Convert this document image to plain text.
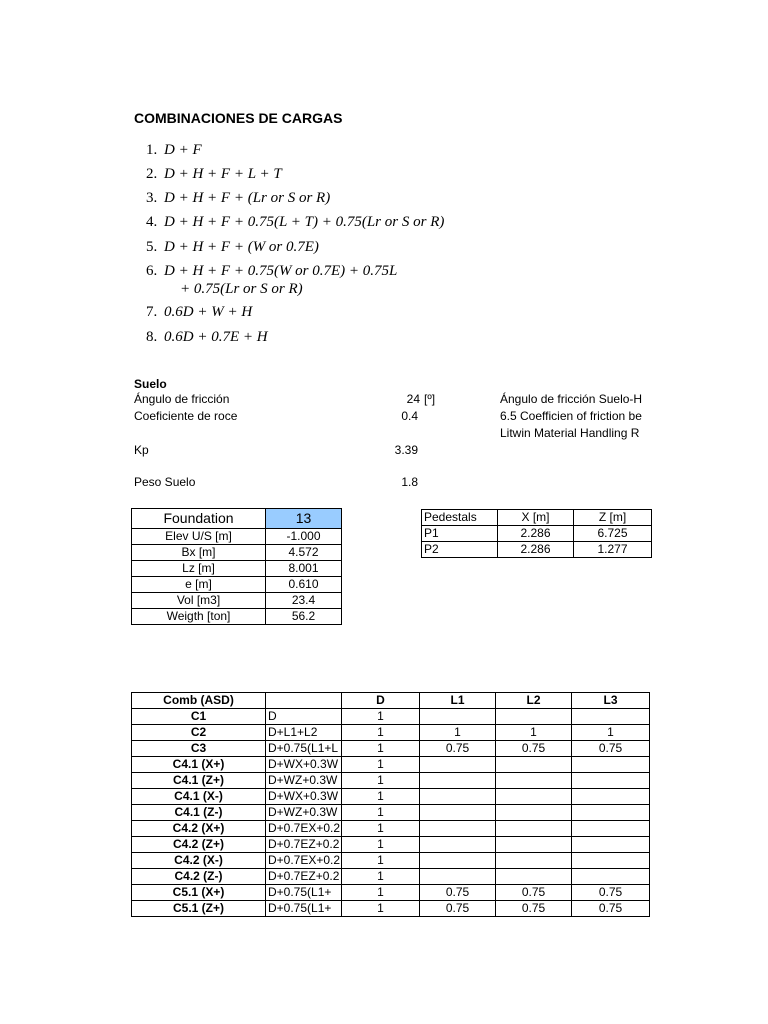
COMBINACIONES DE CARGAS
1. D + F
2. D + H + F + L + T
3. D + H + F + (Lr or S or R)
4. D + H + F + 0.75(L + T) + 0.75(Lr or S or R)
5. D + H + F + (W or 0.7E)
6. D + H + F + 0.75(W or 0.7E) + 0.75L
+ 0.75(Lr or S or R)
7. 0.6D + W + H
8. 0.6D + 0.7E + H
Suelo
Ángulo de fricción	24 [º]	Ángulo de fricción Suelo-H
Coeficiente de roce	0.4	6.5 Coefficien of friction be
Litwin Material Handling R
Kp	3.39
Peso Suelo	1.8
Foundation	13
Elev U/S [m]	-1.000
Bx [m]	4.572
Lz [m]	8.001
e [m]	0.610
Vol [m3]	23.4
Weigth [ton]	56.2
Pedestals	X [m]	Z [m]
P1	2.286	6.725
P2	2.286	1.277
Comb (ASD)		D	L1	L2	L3
C1	D	1			
C2	D+L1+L2	1	1	1	1
C3	D+0.75(L1+L	1	0.75	0.75	0.75
C4.1 (X+)	D+WX+0.3W	1			
C4.1 (Z+)	D+WZ+0.3W	1			
C4.1 (X-)	D+WX+0.3W	1			
C4.1 (Z-)	D+WZ+0.3W	1			
C4.2 (X+)	D+0.7EX+0.2	1			
C4.2 (Z+)	D+0.7EZ+0.2	1			
C4.2 (X-)	D+0.7EX+0.2	1			
C4.2 (Z-)	D+0.7EZ+0.2	1			
C5.1 (X+)	D+0.75(L1+	1	0.75	0.75	0.75
C5.1 (Z+)	D+0.75(L1+	1	0.75	0.75	0.75
